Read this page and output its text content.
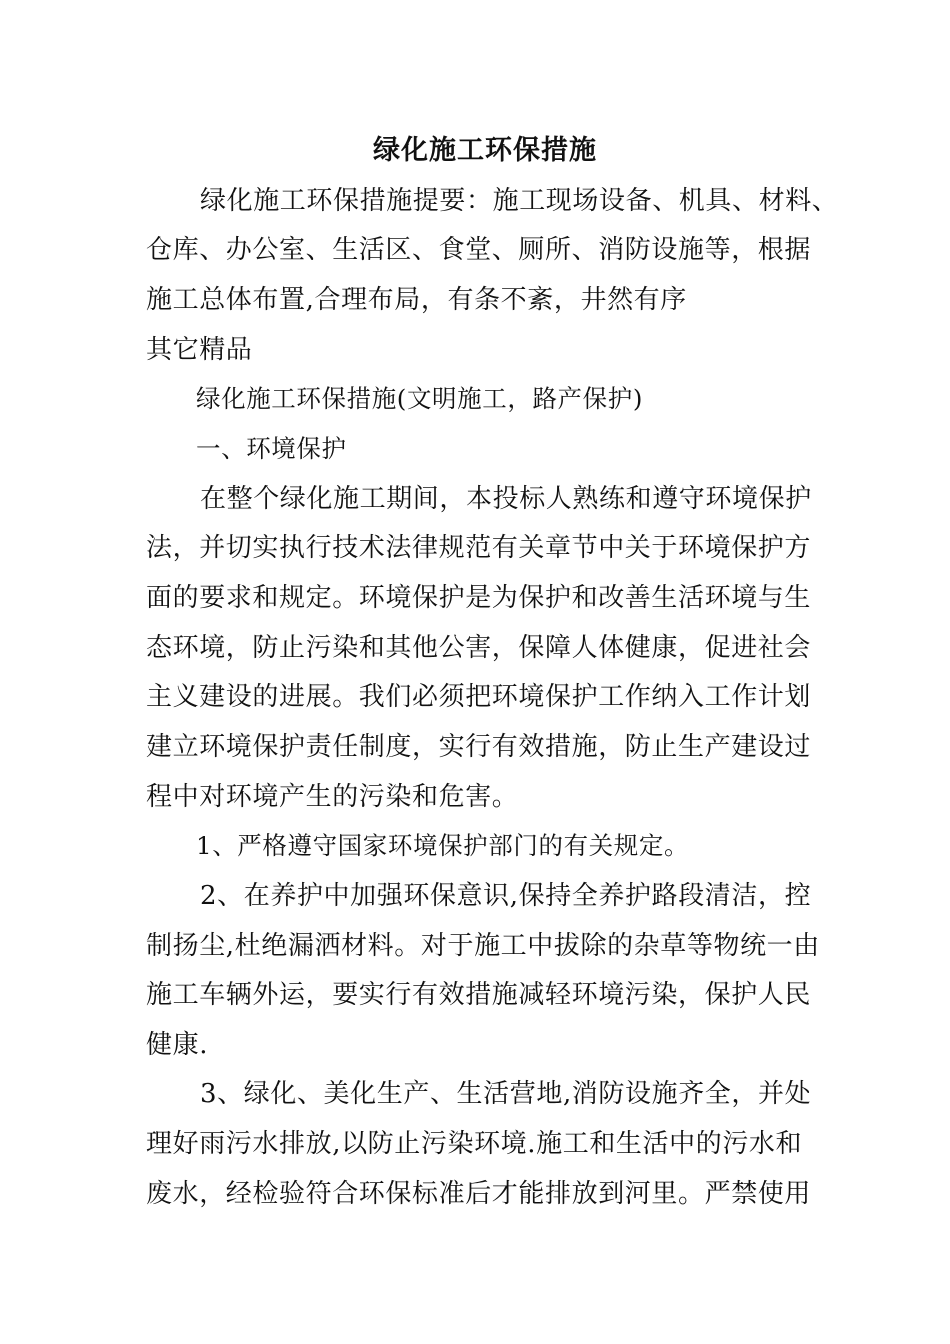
绿化施工环保措施
绿化施工环保措施提要：施工现场设备、机具、材料、
仓库、办公室、生活区、食堂、厕所、消防设施等，根据
施工总体布置,合理布局，有条不紊，井然有序
其它精品
绿化施工环保措施(文明施工，路产保护)
一、环境保护
在整个绿化施工期间，本投标人熟练和遵守环境保护
法，并切实执行技术法律规范有关章节中关于环境保护方
面的要求和规定。环境保护是为保护和改善生活环境与生
态环境，防止污染和其他公害，保障人体健康，促进社会
主义建设的进展。我们必须把环境保护工作纳入工作计划
建立环境保护责任制度，实行有效措施，防止生产建设过
程中对环境产生的污染和危害。
1、严格遵守国家环境保护部门的有关规定。
2、在养护中加强环保意识,保持全养护路段清洁，控
制扬尘,杜绝漏洒材料。对于施工中拔除的杂草等物统一由
施工车辆外运，要实行有效措施减轻环境污染，保护人民
健康.
3、绿化、美化生产、生活营地,消防设施齐全，并处
理好雨污水排放,以防止污染环境.施工和生活中的污水和
废水，经检验符合环保标准后才能排放到河里。严禁使用
